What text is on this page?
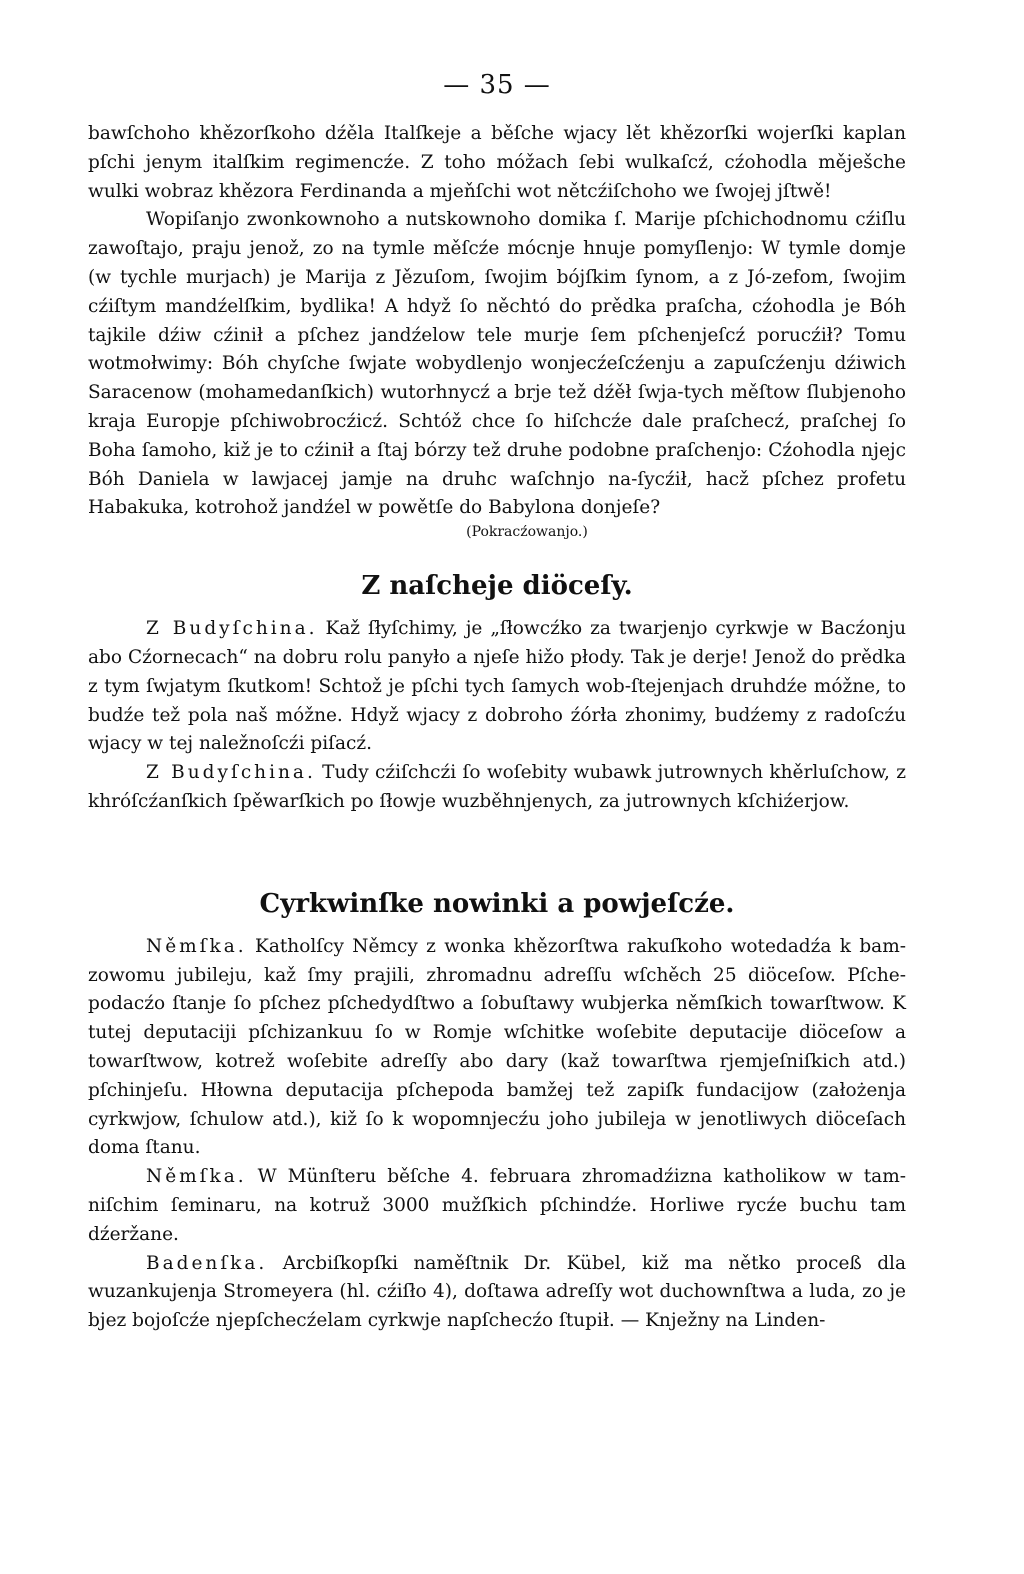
— 35 —

bawſchoho khězorſkoho dźěla Italſkeje a běſche wjacy lět khězorſki wojerſki kaplan pſchi jenym italſkim regimencźe. Z toho móžach ſebi wulkaſcź, cźohodla měješche wulki wobraz khězora Ferdinanda a mjeňſchi wot nětcźiſchoho we ſwojej jſtwě!

Wopiſanjo zwonkownoho a nutskownoho domika ſ. Marije pſchichodnomu cźiſlu zawoſtajo, praju jenož, zo na tymle měſcźe mócnje hnuje pomyſlenjo: W tymle domje (w tychle murjach) je Marija z Jězuſom, ſwojim bójſkim ſynom, a z Jó-zefom, ſwojim cźiſtym mandźelſkim, bydlika! A hdyž ſo něchtó do prědka praſcha, cźohodla je Bóh tajkile dźiw cźinił a pſchez jandźelow tele murje ſem pſchenjeſcź porucźił? Tomu wotmołwimy: Bóh chyſche ſwjate wobydlenjo wonjecźeſcźenju a zapuſcźenju dźiwich Saracenow (mohamedanſkich) wutorhnycź a brje tež dźěł ſwja-tych měſtow ſlubjenoho kraja Europje pſchiwobrocźicź. Schtóž chce ſo hiſchcźe dale praſchecź, praſchej ſo Boha ſamoho, kiž je to cźinił a ſtaj bórzy tež druhe podobne praſchenjo: Cźohodla njejc Bóh Daniela w lawjacej jamje na druhc waſchnjo na-ſycźił, hacž pſchez profetu Habakuka, kotrohož jandźel w powětſe do Babylona donjeſe?

(Pokracźowanjo.)

Z naſcheje diöceſy.

Z Budyſchina. Kaž ſłyſchimy, je „ſłowcźko za twarjenjo cyrkwje w Bacźonju abo Cźornecach“ na dobru rolu panyło a njeſe hižo płody. Tak je derje! Jenož do prědka z tym ſwjatym ſkutkom! Schtož je pſchi tych ſamych wob-ſtejenjach druhdźe móžne, to budźe tež pola naš móžne. Hdyž wjacy z dobroho źórła zhonimy, budźemy z radoſcźu wjacy w tej naležnoſcźi piſacź.

Z Budyſchina. Tudy cźiſchcźi ſo woſebity wubawk jutrownych khěrluſchow, z khróſcźanſkich ſpěwarſkich po ſłowje wuzběhnjenych, za jutrownych kſchiźerjow.

Cyrkwinſke nowinki a powjeſcźe.

Němſka. Katholſcy Němcy z wonka khězorſtwa rakuſkoho wotedadźa k bam-zowomu jubileju, kaž ſmy prajili, zhromadnu adreſſu wſchěch 25 diöceſow. Pſche-podacźo ſtanje ſo pſchez pſchedydſtwo a ſobuſtawy wubjerka němſkich towarſtwow. K tutej deputaciji pſchizankuu ſo w Romje wſchitke woſebite deputacije diöceſow a towarſtwow, kotrež woſebite adreſſy abo dary (kaž towarſtwa rjemjeſniſkich atd.) pſchinjeſu. Hłowna deputacija pſchepoda bamžej tež zapiſk fundacijow (założenja cyrkwjow, ſchulow atd.), kiž ſo k wopomnjecźu joho jubileja w jenotliwych diöceſach doma ſtanu.

Němſka. W Münſteru běſche 4. februara zhromadźizna katholikow w tam-niſchim ſeminaru, na kotruž 3000 mužſkich pſchindźe. Horliwe rycźe buchu tam dźeržane.

Badenſka. Arcbiſkopſki naměſtnik Dr. Kübel, kiž ma nětko proceß dla wuzankujenja Stromeyera (hl. cźiſło 4), doſtawa adreſſy wot duchownſtwa a luda, zo je bjez bojoſcźe njepſchecźelam cyrkwje napſchecźo ſtupił. — Knježny na Linden-
